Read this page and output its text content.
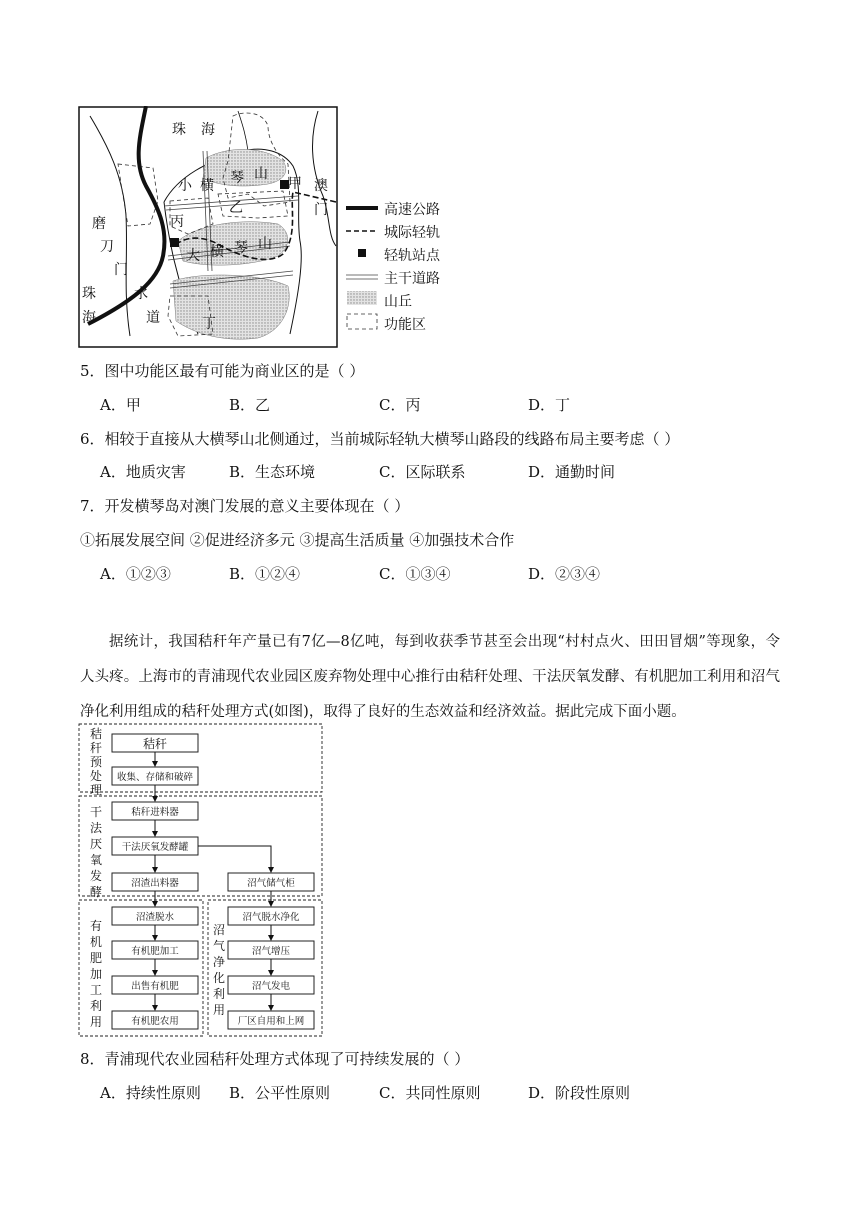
珠 海
澳
门
磨
刀
门
珠
海
水
道
小 横 琴 山
大 横 琴 山
甲
乙
丙
丁
高速公路
城际轻轨
轻轨站点
主干道路
山丘
功能区
5．图中功能区最有可能为商业区的是（ ）
A．甲	B．乙	C．丙	D．丁
6．相较于直接从大横琴山北侧通过，当前城际轻轨大横琴山路段的线路布局主要考虑（ ）
A．地质灾害	B．生态环境	C．区际联系	D．通勤时间
7．开发横琴岛对澳门发展的意义主要体现在（ ）
①拓展发展空间 ②促进经济多元 ③提高生活质量 ④加强技术合作
A．①②③	B．①②④	C．①③④	D．②③④
据统计，我国秸秆年产量已有7亿—8亿吨，每到收获季节甚至会出现“村村点火、田田冒烟”等现象，令人头疼。上海市的青浦现代农业园区废弃物处理中心推行由秸秆处理、干法厌氧发酵、有机肥加工利用和沼气净化利用组成的秸秆处理方式(如图)，取得了良好的生态效益和经济效益。据此完成下面小题。
秸
秆
预
处
理
干
法
厌
氧
发
酵
有
机
肥
加
工
利
用
沼
气
净
化
利
用
秸秆
收集、存储和破碎
秸秆进料器
干法厌氧发酵罐
沼渣出料器	沼气储气柜
沼渣脱水
有机肥加工
出售有机肥
有机肥农用
沼气脱水净化
沼气增压
沼气发电
厂区自用和上网
8．青浦现代农业园秸秆处理方式体现了可持续发展的（ ）
A．持续性原则 B．公平性原则	C．共同性原则	D．阶段性原则
